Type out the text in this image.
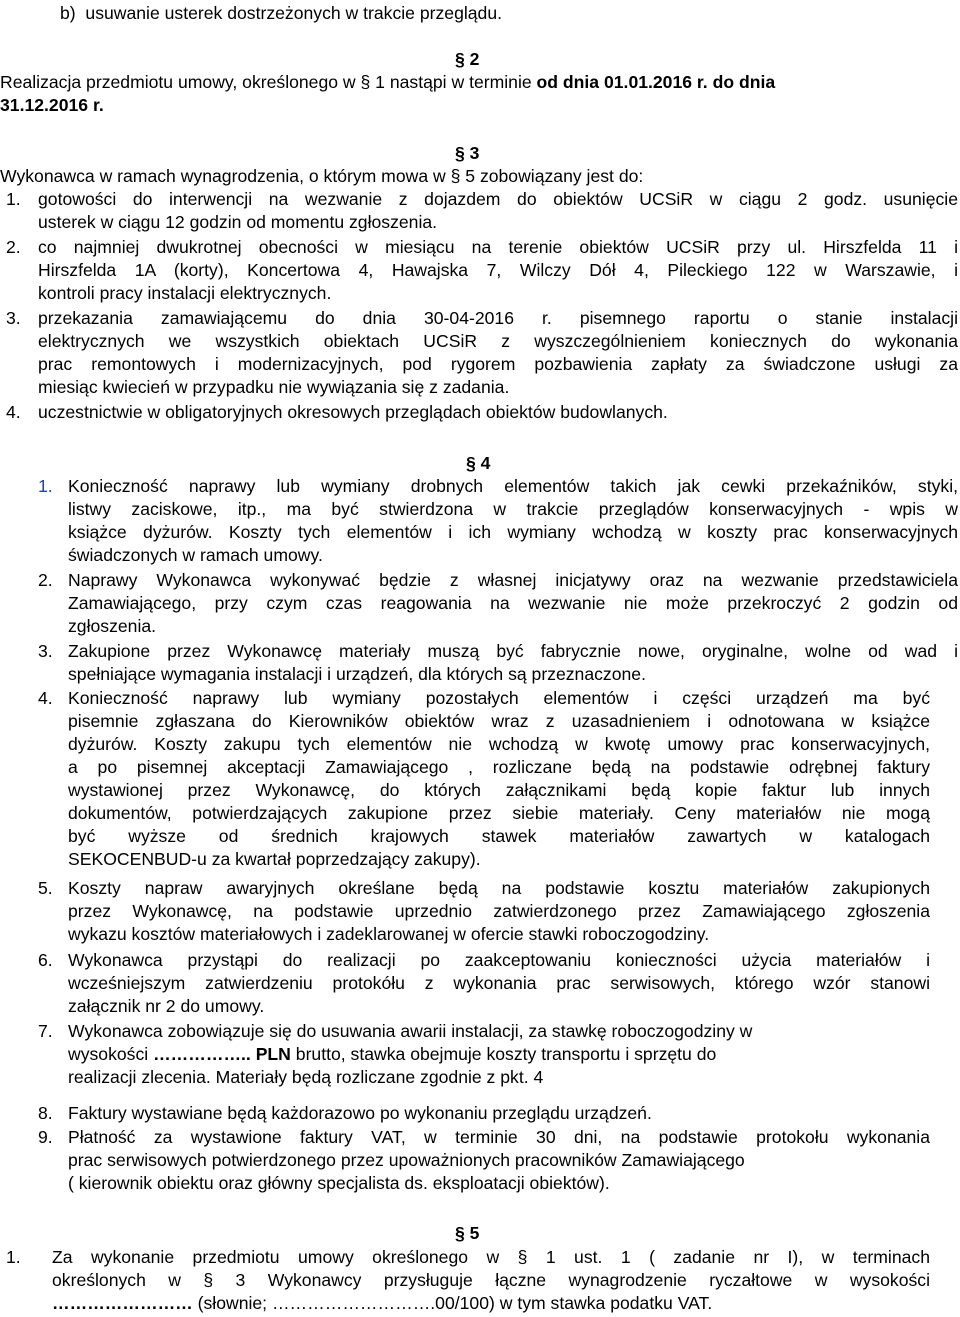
b)  usuwanie usterek dostrzeżonych w trakcie przeglądu.
§ 2
Realizacja przedmiotu umowy, określonego w § 1 nastąpi w terminie od dnia 01.01.2016 r. do dnia
31.12.2016 r.
§ 3
Wykonawca w ramach wynagrodzenia, o którym mowa w § 5 zobowiązany jest do:
1. gotowości do interwencji na wezwanie z dojazdem do obiektów UCSiR w ciągu 2 godz. usunięcie
usterek w ciągu 12 godzin od momentu zgłoszenia.
2. co najmniej dwukrotnej obecności w miesiącu na terenie obiektów UCSiR przy ul. Hirszfelda 11 i
Hirszfelda 1A (korty), Koncertowa 4, Hawajska 7, Wilczy Dół 4, Pileckiego 122 w Warszawie, i
kontroli pracy instalacji elektrycznych.
3. przekazania zamawiającemu do dnia 30-04-2016 r. pisemnego raportu o stanie instalacji
elektrycznych we wszystkich obiektach UCSiR z wyszczególnieniem koniecznych do wykonania
prac remontowych i modernizacyjnych, pod rygorem pozbawienia zapłaty za świadczone usługi za
miesiąc kwiecień w przypadku nie wywiązania się z zadania.
4. uczestnictwie w obligatoryjnych okresowych przeglądach obiektów budowlanych.
§ 4
1. Konieczność naprawy lub wymiany drobnych elementów takich jak cewki przekaźników, styki,
listwy zaciskowe, itp., ma być stwierdzona w trakcie przeglądów konserwacyjnych - wpis w
książce dyżurów. Koszty tych elementów i ich wymiany wchodzą w koszty prac konserwacyjnych
świadczonych w ramach umowy.
2. Naprawy Wykonawca wykonywać będzie z własnej inicjatywy oraz na wezwanie przedstawiciela
Zamawiającego, przy czym czas reagowania na wezwanie nie może przekroczyć 2 godzin od
zgłoszenia.
3. Zakupione przez Wykonawcę materiały muszą być fabrycznie nowe, oryginalne, wolne od wad i
spełniające wymagania instalacji i urządzeń, dla których są przeznaczone.
4. Konieczność naprawy lub wymiany pozostałych elementów i części urządzeń ma być
pisemnie zgłaszana do Kierowników obiektów wraz z uzasadnieniem i odnotowana w książce
dyżurów. Koszty zakupu tych elementów nie wchodzą w kwotę umowy prac konserwacyjnych,
a po pisemnej akceptacji Zamawiającego , rozliczane będą na podstawie odrębnej faktury
wystawionej przez Wykonawcę, do których załącznikami będą kopie faktur lub innych
dokumentów, potwierdzających zakupione przez siebie materiały. Ceny materiałów nie mogą
być wyższe od średnich krajowych stawek materiałów zawartych w katalogach
SEKOCENBUD-u za kwartał poprzedzający zakupy).
5. Koszty napraw awaryjnych określane będą na podstawie kosztu materiałów zakupionych
przez Wykonawcę, na podstawie uprzednio zatwierdzonego przez Zamawiającego zgłoszenia
wykazu kosztów materiałowych i zadeklarowanej w ofercie stawki roboczogodziny.
6. Wykonawca przystąpi do realizacji po zaakceptowaniu konieczności użycia materiałów i
wcześniejszym zatwierdzeniu protokółu z wykonania prac serwisowych, którego wzór stanowi
załącznik nr 2 do umowy.
7. Wykonawca zobowiązuje się do usuwania awarii instalacji, za stawkę roboczogodziny w
wysokości …………….. PLN brutto, stawka obejmuje koszty transportu i sprzętu do
realizacji zlecenia. Materiały będą rozliczane zgodnie z pkt. 4
8. Faktury wystawiane będą każdorazowo po wykonaniu przeglądu urządzeń.
9. Płatność za wystawione faktury VAT, w terminie 30 dni, na podstawie protokołu wykonania
prac serwisowych potwierdzonego przez upoważnionych pracowników Zamawiającego
( kierownik obiektu oraz główny specjalista ds. eksploatacji obiektów).
§ 5
1. Za wykonanie przedmiotu umowy określonego w § 1 ust. 1 ( zadanie nr I), w terminach
określonych w § 3 Wykonawcy przysługuje łączne wynagrodzenie ryczałtowe w wysokości
…………………… (słownie; ……………………….00/100) w tym stawka podatku VAT.
